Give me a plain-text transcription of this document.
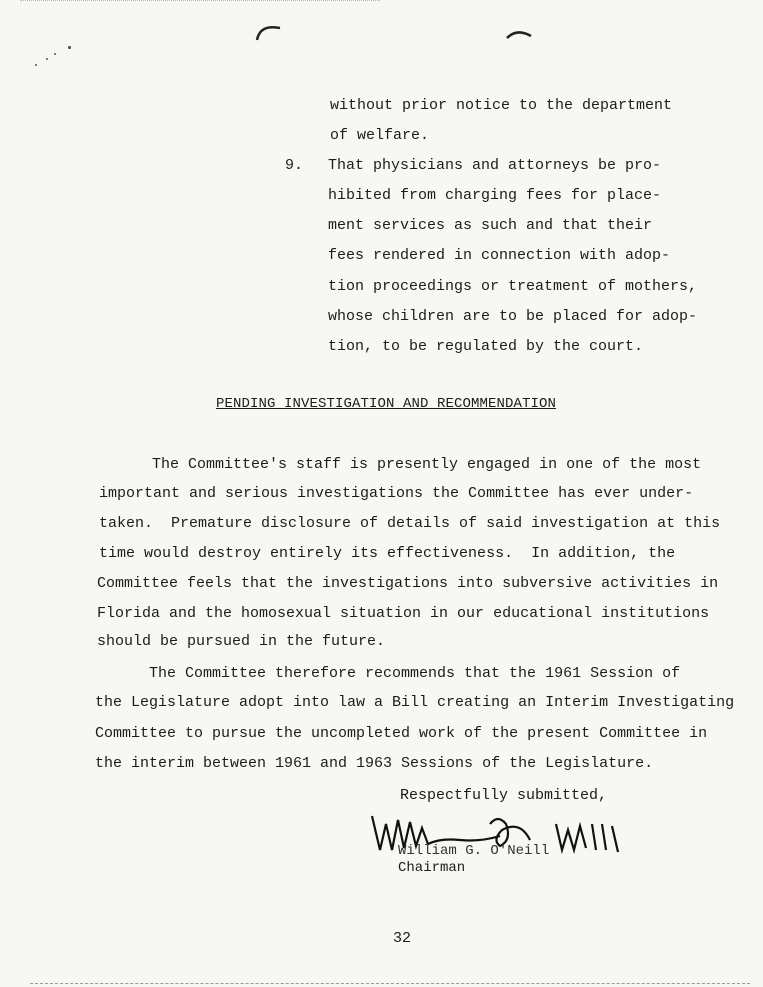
without prior notice to the department
of welfare.
9. That physicians and attorneys be pro-
hibited from charging fees for place-
ment services as such and that their
fees rendered in connection with adop-
tion proceedings or treatment of mothers,
whose children are to be placed for adop-
tion, to be regulated by the court.
PENDING INVESTIGATION AND RECOMMENDATION
The Committee's staff is presently engaged in one of the most
important and serious investigations the Committee has ever under-
taken.  Premature disclosure of details of said investigation at this
time would destroy entirely its effectiveness.  In addition, the
Committee feels that the investigations into subversive activities in
Florida and the homosexual situation in our educational institutions
should be pursued in the future.
The Committee therefore recommends that the 1961 Session of
the Legislature adopt into law a Bill creating an Interim Investigating
Committee to pursue the uncompleted work of the present Committee in
the interim between 1961 and 1963 Sessions of the Legislature.
Respectfully submitted,
William G. O'Neill
Chairman
32
